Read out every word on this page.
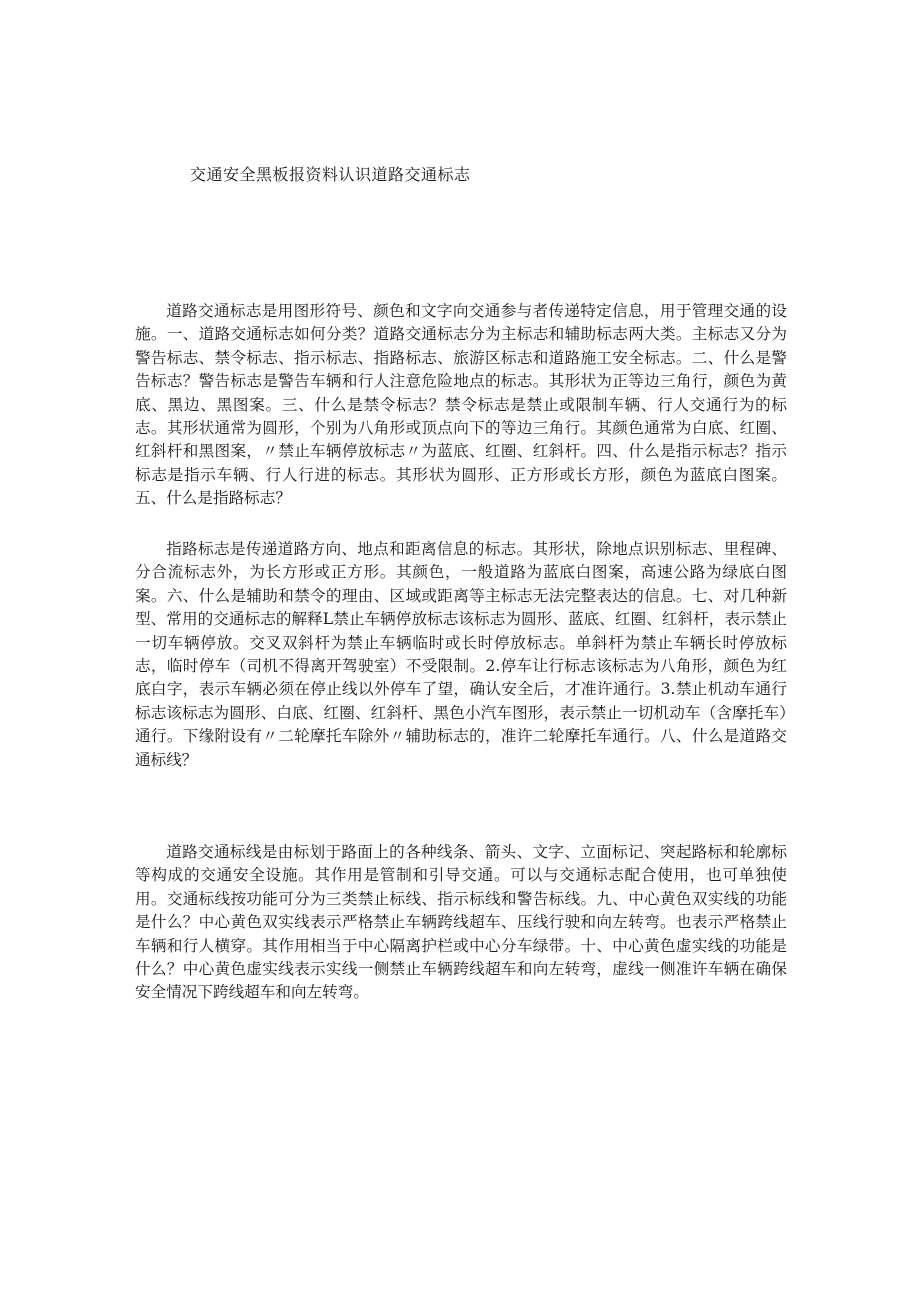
交通安全黑板报资料认识道路交通标志

道路交通标志是用图形符号、颜色和文字向交通参与者传递特定信息，用于管理交通的设施。一、道路交通标志如何分类？道路交通标志分为主标志和辅助标志两大类。主标志又分为警告标志、禁令标志、指示标志、指路标志、旅游区标志和道路施工安全标志。二、什么是警告标志？警告标志是警告车辆和行人注意危险地点的标志。其形状为正等边三角行，颜色为黄底、黑边、黑图案。三、什么是禁令标志？禁令标志是禁止或限制车辆、行人交通行为的标志。其形状通常为圆形，个别为八角形或顶点向下的等边三角行。其颜色通常为白底、红圈、红斜杆和黑图案，〃禁止车辆停放标志〃为蓝底、红圈、红斜杆。四、什么是指示标志？指示标志是指示车辆、行人行进的标志。其形状为圆形、正方形或长方形，颜色为蓝底白图案。五、什么是指路标志？

指路标志是传递道路方向、地点和距离信息的标志。其形状，除地点识别标志、里程碑、分合流标志外，为长方形或正方形。其颜色，一般道路为蓝底白图案，高速公路为绿底白图案。六、什么是辅助和禁令的理由、区域或距离等主标志无法完整表达的信息。七、对几种新型、常用的交通标志的解释L禁止车辆停放标志该标志为圆形、蓝底、红圈、红斜杆，表示禁止一切车辆停放。交叉双斜杆为禁止车辆临时或长时停放标志。单斜杆为禁止车辆长时停放标志，临时停车（司机不得离开驾驶室）不受限制。2.停车让行标志该标志为八角形，颜色为红底白字，表示车辆必须在停止线以外停车了望，确认安全后，才准许通行。3.禁止机动车通行标志该标志为圆形、白底、红圈、红斜杆、黑色小汽车图形，表示禁止一切机动车（含摩托车）通行。下缘附设有〃二轮摩托车除外〃辅助标志的，准许二轮摩托车通行。八、什么是道路交通标线？

道路交通标线是由标划于路面上的各种线条、箭头、文字、立面标记、突起路标和轮廓标等构成的交通安全设施。其作用是管制和引导交通。可以与交通标志配合使用，也可单独使用。交通标线按功能可分为三类禁止标线、指示标线和警告标线。九、中心黄色双实线的功能是什么？中心黄色双实线表示严格禁止车辆跨线超车、压线行驶和向左转弯。也表示严格禁止车辆和行人横穿。其作用相当于中心隔离护栏或中心分车绿带。十、中心黄色虚实线的功能是什么？中心黄色虚实线表示实线一侧禁止车辆跨线超车和向左转弯，虚线一侧准许车辆在确保安全情况下跨线超车和向左转弯。
